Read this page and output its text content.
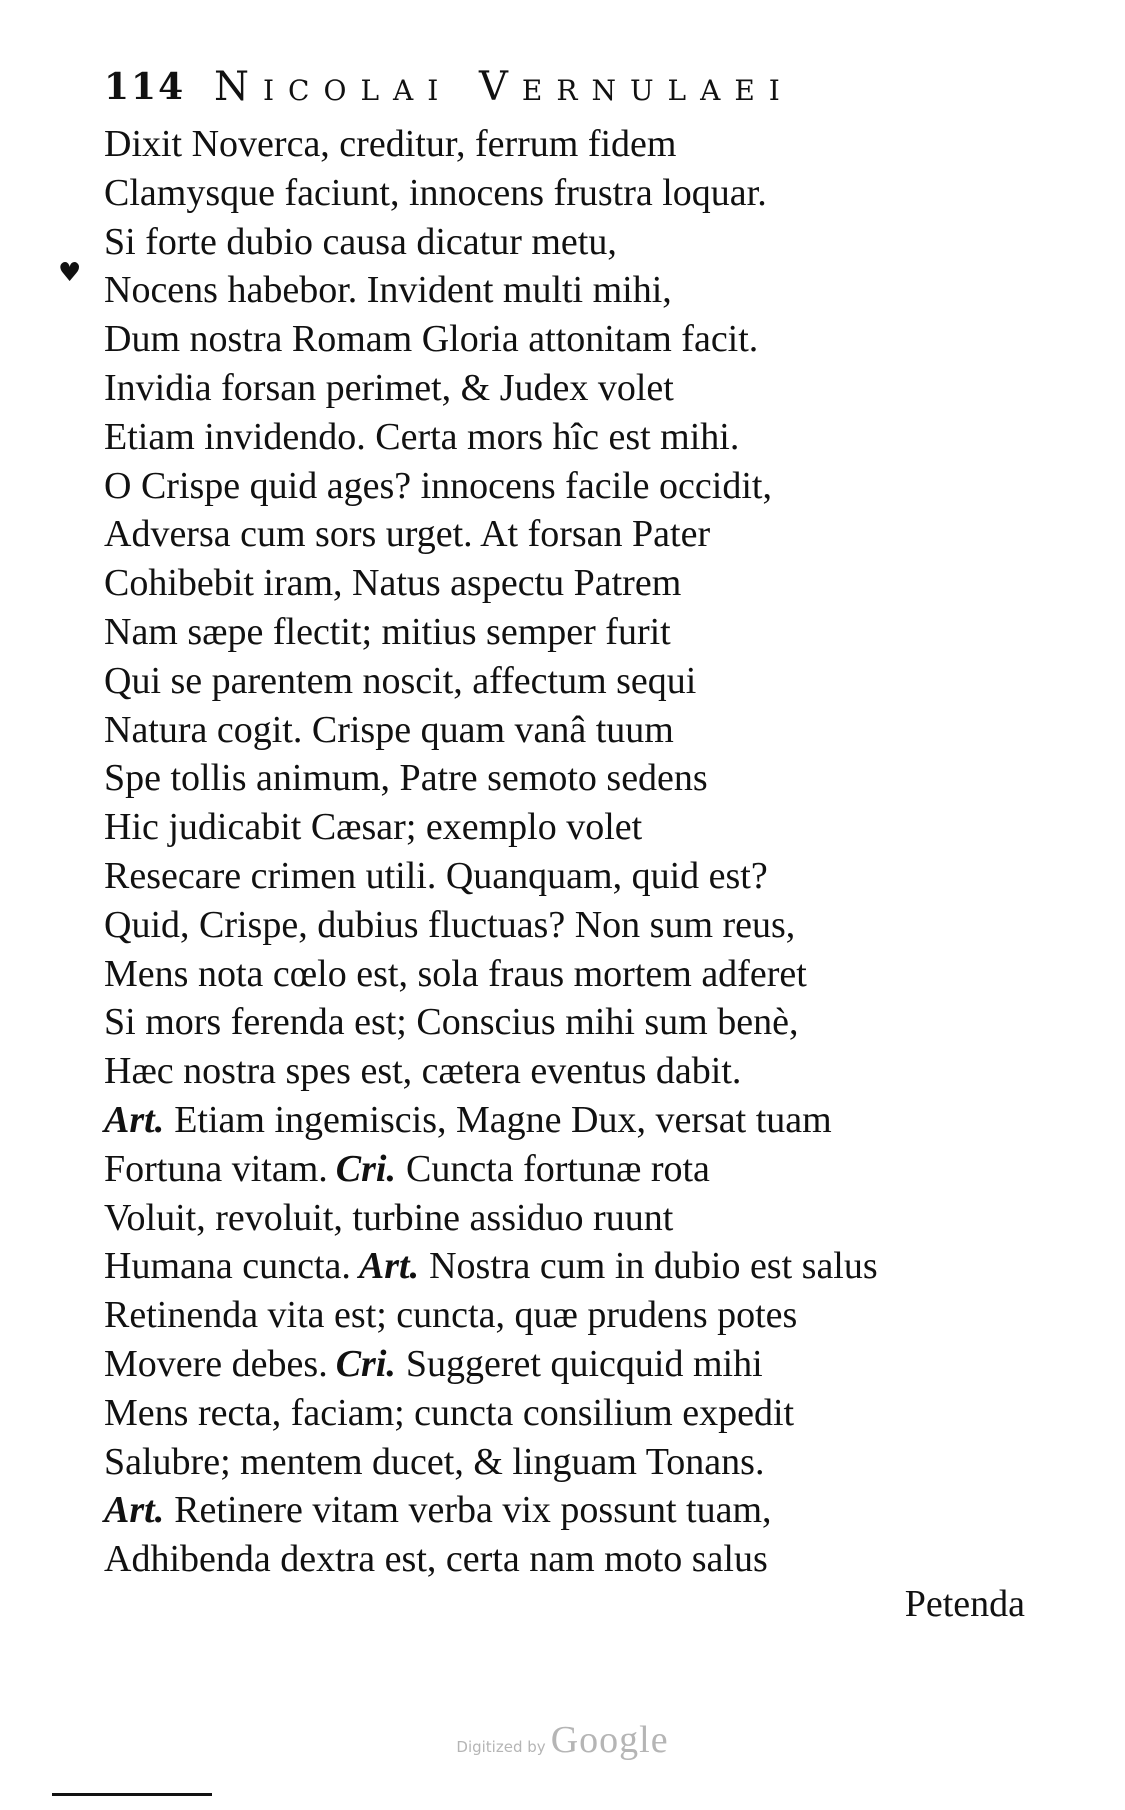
114 Nicolai Vernulaei
♥
Dixit Noverca, creditur, ferrum fidem
Clamysque faciunt, innocens frustra loquar.
Si forte dubio causa dicatur metu,
Nocens habebor. Invident multi mihi,
Dum nostra Romam Gloria attonitam facit.
Invidia forsan perimet, & Judex volet
Etiam invidendo. Certa mors hîc est mihi.
O Crispe quid ages? innocens facile occidit,
Adversa cum sors urget. At forsan Pater
Cohibebit iram, Natus aspectu Patrem
Nam sæpe flectit; mitius semper furit
Qui se parentem noscit, affectum sequi
Natura cogit. Crispe quam vanâ tuum
Spe tollis animum, Patre semoto sedens
Hic judicabit Cæsar; exemplo volet
Resecare crimen utili. Quanquam, quid est?
Quid, Crispe, dubius fluctuas? Non sum reus,
Mens nota cœlo est, sola fraus mortem adferet
Si mors ferenda est; Conscius mihi sum benè,
Hæc nostra spes est, cætera eventus dabit.
Art. Etiam ingemiscis, Magne Dux, versat tuam
Fortuna vitam. Cri. Cuncta fortunæ rota
Voluit, revoluit, turbine assiduo ruunt
Humana cuncta. Art. Nostra cum in dubio est salus
Retinenda vita est; cuncta, quæ prudens potes
Movere debes. Cri. Suggeret quicquid mihi
Mens recta, faciam; cuncta consilium expedit
Salubre; mentem ducet, & linguam Tonans.
Art. Retinere vitam verba vix possunt tuam,
Adhibenda dextra est, certa nam moto salus
Petenda
Digitized by Google
